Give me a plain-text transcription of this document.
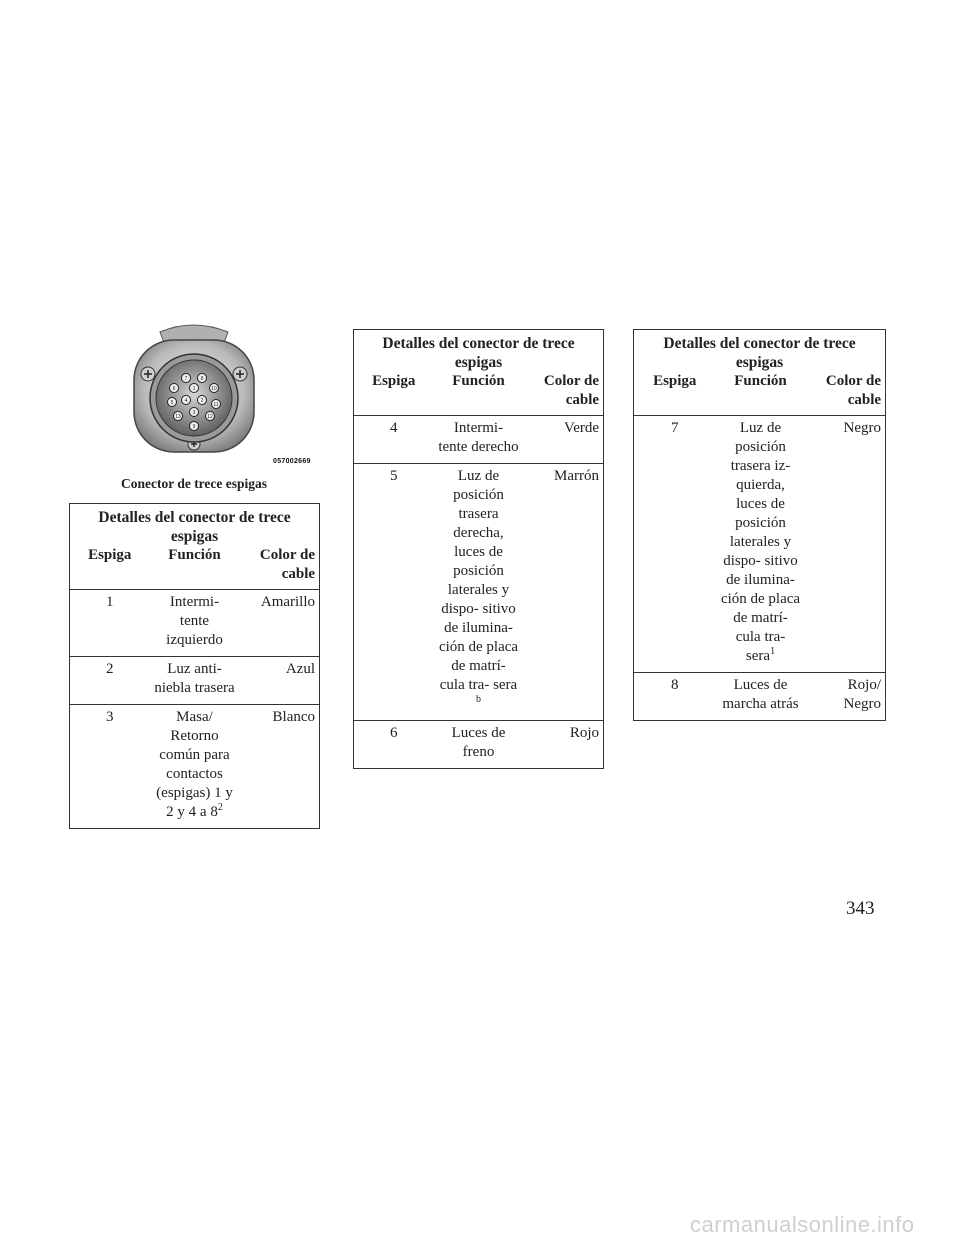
7	8
6	1	10
5 4	2
11
3
13	12
9
057002669
Conector de trece espigas
Detalles del conector de trece espigas		
Espiga	Función	Color de cable
1	Intermi- tente izquierdo	Amarillo
2	Luz anti- niebla trasera	Azul
3	Masa/ Retorno común para contactos (espigas) 1 y 2 y 4 a $8^2$	Blanco
Detalles del conector de trece espigas		
Espiga	Función	Color de cable
4	Intermi- tente derecho	Verde
5	Luz de posición trasera derecha, luces de posición laterales y dispo- sitivo de ilumina- ción de placa de matrí- cula tra- sera $^b$	Marrón
6	Luces de freno	Rojo
Detalles del conector de trece espigas		
Espiga	Función	Color de cable
7	Luz de posición trasera iz- quierda, luces de posición laterales y dispo- sitivo de ilumina- ción de placa de matrí- cula tra- sera$^1$	Negro
8	Luces de marcha atrás	Rojo/ Negro
343
carmanualsonline.info
